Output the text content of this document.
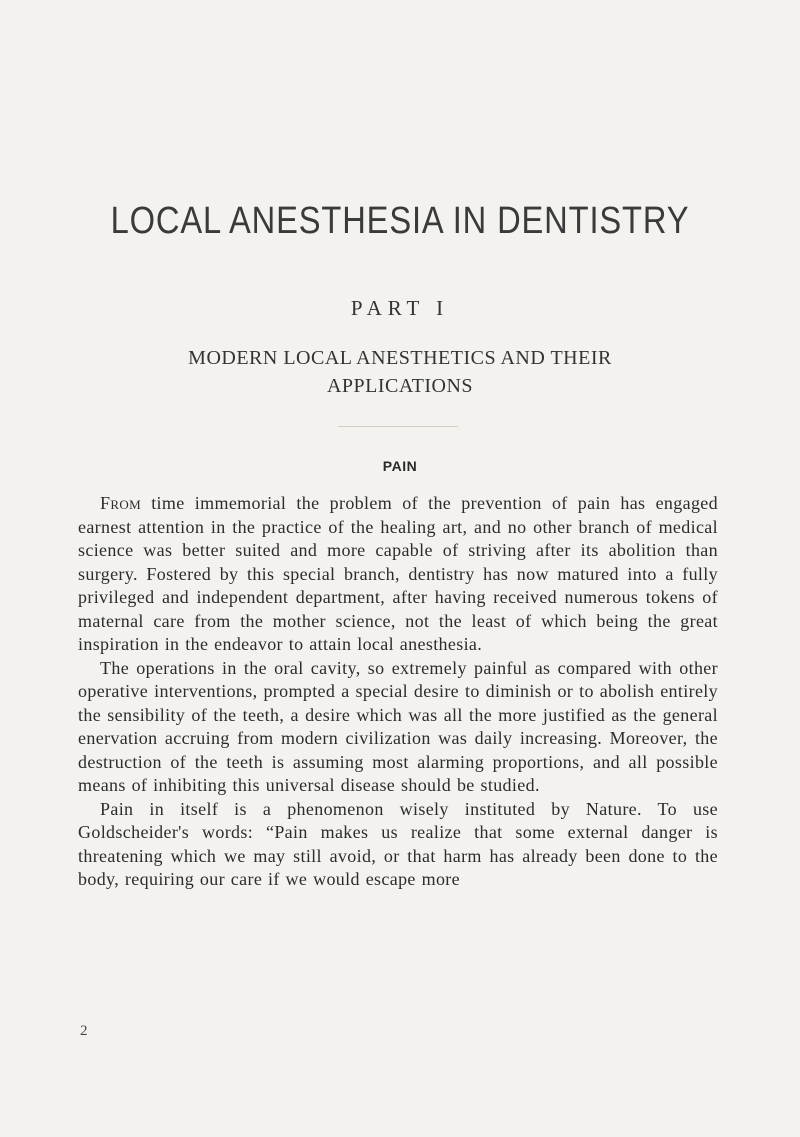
LOCAL ANESTHESIA IN DENTISTRY
PART I
MODERN LOCAL ANESTHETICS AND THEIR
APPLICATIONS
PAIN

From time immemorial the problem of the prevention of pain has engaged earnest attention in the practice of the healing art, and no other branch of medical science was better suited and more capable of striving after its abolition than surgery. Fostered by this special branch, dentistry has now matured into a fully privileged and independent department, after having received numerous tokens of maternal care from the mother science, not the least of which being the great inspiration in the endeavor to attain local anesthesia.

The operations in the oral cavity, so extremely painful as compared with other operative interventions, prompted a special desire to diminish or to abolish entirely the sensibility of the teeth, a desire which was all the more justified as the general enervation accruing from modern civilization was daily increasing. Moreover, the destruction of the teeth is assuming most alarming proportions, and all possible means of inhibiting this universal disease should be studied.

Pain in itself is a phenomenon wisely instituted by Nature. To use Goldscheider's words: “Pain makes us realize that some external danger is threatening which we may still avoid, or that harm has already been done to the body, requiring our care if we would escape more

2
